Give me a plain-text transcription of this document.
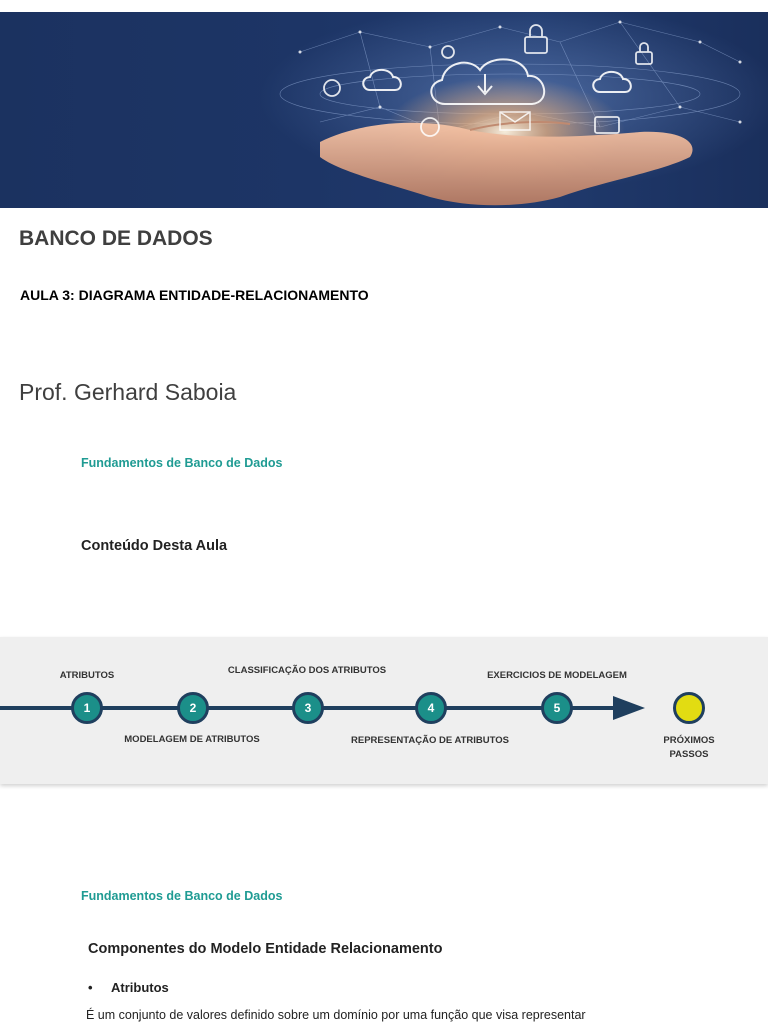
BANCO DE DADOS
AULA 3: DIAGRAMA ENTIDADE-RELACIONAMENTO
Prof. Gerhard Saboia
Fundamentos de Banco de Dados
Conteúdo Desta Aula
ATRIBUTOS
MODELAGEM DE ATRIBUTOS
CLASSIFICAÇÃO DOS ATRIBUTOS
REPRESENTAÇÃO DE ATRIBUTOS
EXERCICIOS DE MODELAGEM
1	2	3	4	5
PRÓXIMOS
PASSOS
Fundamentos de Banco de Dados
Componentes do Modelo Entidade Relacionamento
• Atributos
É um conjunto de valores definido sobre um domínio por uma função que visa representar
